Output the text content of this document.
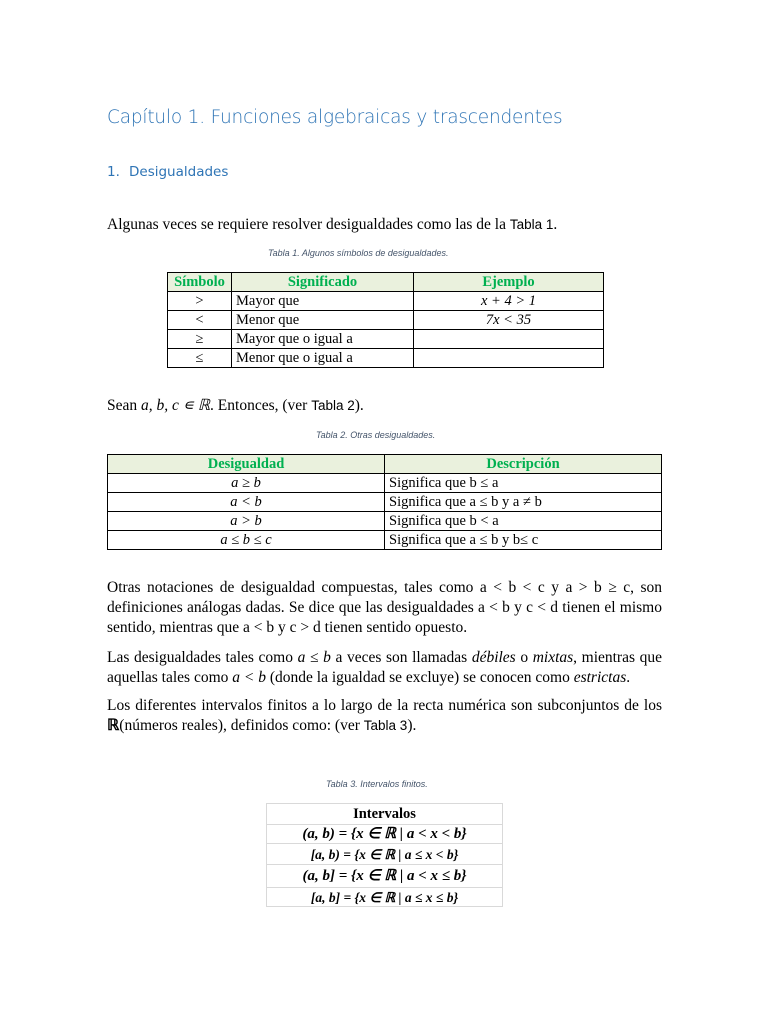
Capítulo 1. Funciones algebraicas y trascendentes
1. Desigualdades
Algunas veces se requiere resolver desigualdades como las de la Tabla 1.
Tabla 1. Algunos símbolos de desigualdades.
Símbolo	Significado	Ejemplo
>	Mayor que	x + 4 > 1
<	Menor que	7x < 35
≥	Mayor que o igual a	
≤	Menor que o igual a	
Sean a, b, c ∊ ℝ. Entonces, (ver Tabla 2).
Tabla 2. Otras desigualdades.
Desigualdad	Descripción
a ≥ b	Significa que b ≤ a
a < b	Significa que a ≤ b y a ≠ b
a > b	Significa que b < a
a ≤ b ≤ c	Significa que a ≤ b y b≤ c
Otras notaciones de desigualdad compuestas, tales como a < b < c y a > b ≥ c, son definiciones análogas dadas. Se dice que las desigualdades a < b y c < d tienen el mismo sentido, mientras que a < b y c > d tienen sentido opuesto.
Las desigualdades tales como a ≤ b a veces son llamadas débiles o mixtas, mientras que aquellas tales como a < b (donde la igualdad se excluye) se conocen como estrictas.
Los diferentes intervalos finitos a lo largo de la recta numérica son subconjuntos de los ℝ(números reales), definidos como: (ver Tabla 3).
Tabla 3. Intervalos finitos.
Intervalos
(a, b) = {x ∈ ℝ | a < x < b}
[a, b) = {x ∈ ℝ | a ≤ x < b}
(a, b] = {x ∈ ℝ | a < x ≤ b}
[a, b] = {x ∈ ℝ | a ≤ x ≤ b}
